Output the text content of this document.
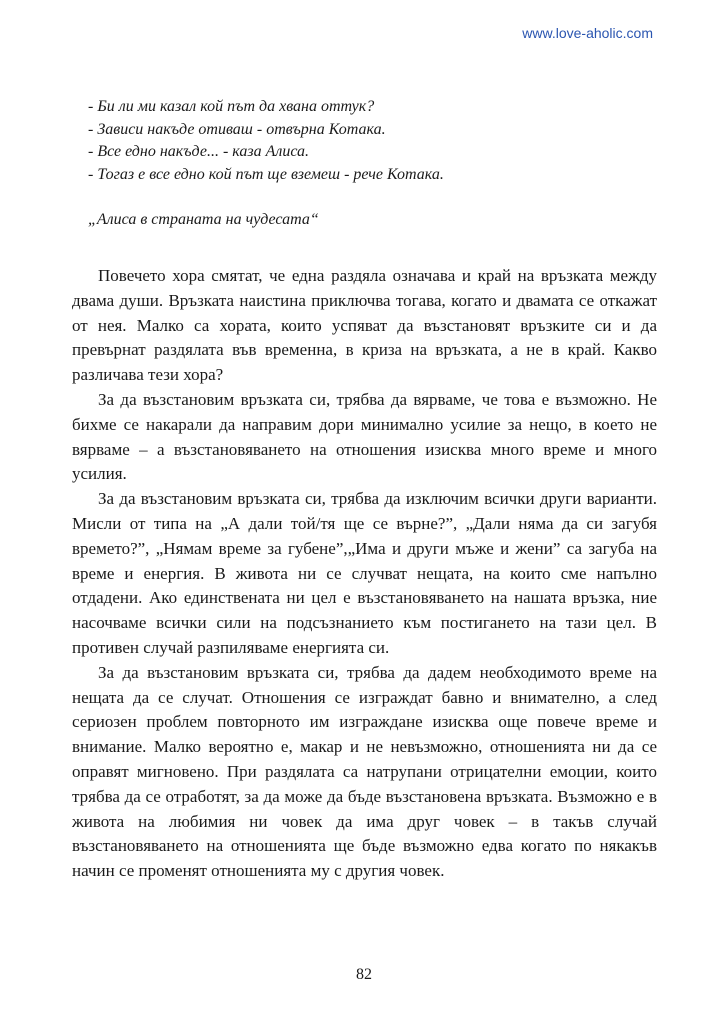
www.love-aholic.com

- Би ли ми казал кой път да хвана оттук?

- Зависи накъде отиваш - отвърна Котака.

- Все едно накъде... - каза Алиса.

- Тогаз е все едно кой път ще вземеш - рече Котака.

„Алиса в страната на чудесата“

Повечето хора смятат, че една раздяла означава и край на връзката между двама души. Връзката наистина приключва тогава, когато и двамата се откажат от нея. Малко са хората, които успяват да възстановят връзките си и да превърнат раздялата във временна, в криза на връзката, а не в край. Какво различава тези хора?

За да възстановим връзката си, трябва да вярваме, че това е възможно. Не бихме се накарали да направим дори минимално усилие за нещо, в което не вярваме – а възстановяването на отношения изисква много време и много усилия.

За да възстановим връзката си, трябва да изключим всички други варианти. Мисли от типа на „А дали той/тя ще се върне?”, „Дали няма да си загубя времето?”, „Нямам време за губене”,„Има и други мъже и жени” са загуба на време и енергия. В живота ни се случват нещата, на които сме напълно отдадени. Ако единствената ни цел е възстановяването на нашата връзка, ние насочваме всички сили на подсъзнанието към постигането на тази цел. В противен случай разпиляваме енергията си.

За да възстановим връзката си, трябва да дадем необходимото време на нещата да се случат. Отношения се изграждат бавно и внимателно, а след сериозен проблем повторното им изграждане изисква още повече време и внимание. Малко вероятно е, макар и не невъзможно, отношенията ни да се оправят мигновено. При раздялата са натрупани отрицателни емоции, които трябва да се отработят, за да може да бъде възстановена връзката. Възможно е в живота на любимия ни човек да има друг човек – в такъв случай възстановяването на отношенията ще бъде възможно едва когато по някакъв начин се променят отношенията му с другия човек.

82
